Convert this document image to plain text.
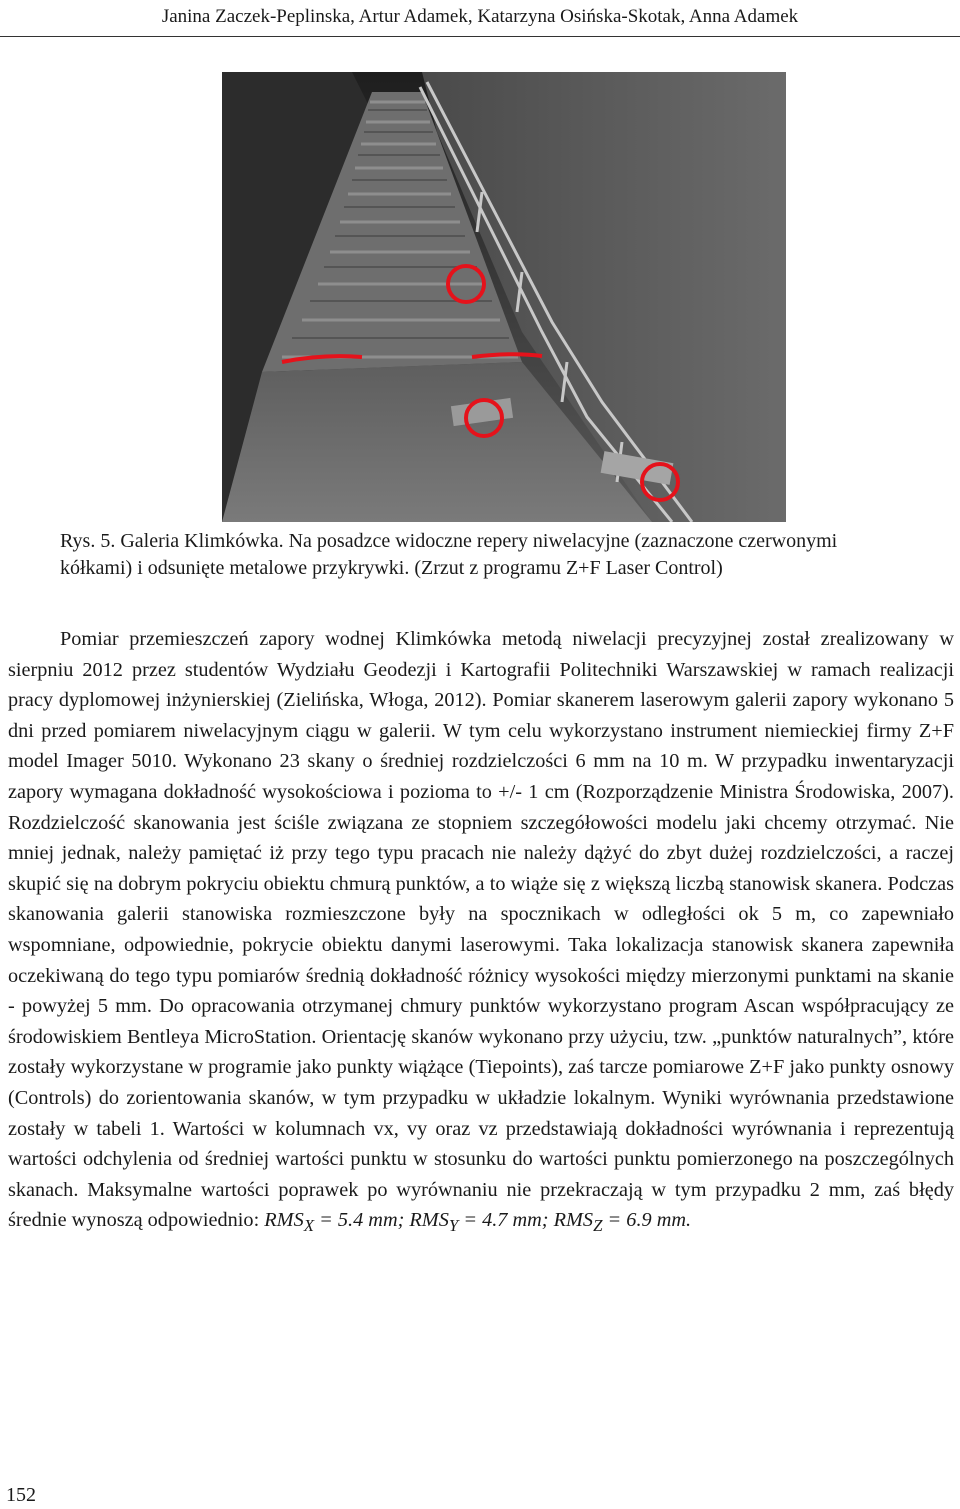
Janina Zaczek-Peplinska, Artur Adamek, Katarzyna Osińska-Skotak, Anna Adamek

Rys. 5. Galeria Klimkówka. Na posadzce widoczne repery niwelacyjne (zaznaczone czerwonymi

kółkami) i odsunięte metalowe przykrywki. (Zrzut z programu Z+F Laser Control)

Pomiar przemieszczeń zapory wodnej Klimkówka metodą niwelacji precyzyjnej został zrealizowany w sierpniu 2012 przez studentów Wydziału Geodezji i Kartografii Politechniki Warszawskiej w ramach realizacji pracy dyplomowej inżynierskiej (Zielińska, Włoga, 2012). Pomiar skanerem laserowym galerii zapory wykonano 5 dni przed pomiarem niwelacyjnym ciągu w galerii. W tym celu wykorzystano instrument niemieckiej firmy Z+F model Imager 5010. Wykonano 23 skany o średniej rozdzielczości 6 mm na 10 m. W przypadku inwentaryzacji zapory wymagana dokładność wysokościowa i pozioma to +/- 1 cm (Rozporządzenie Ministra Środowiska, 2007). Rozdzielczość skanowania jest ściśle związana ze stopniem szczegółowości modelu jaki chcemy otrzymać. Nie mniej jednak, należy pamiętać iż przy tego typu pracach nie należy dążyć do zbyt dużej rozdzielczości, a raczej skupić się na dobrym pokryciu obiektu chmurą punktów, a to wiąże się z większą liczbą stanowisk skanera. Podczas skanowania galerii stanowiska rozmieszczone były na spocznikach w odległości ok 5 m, co zapewniało wspomniane, odpowiednie, pokrycie obiektu danymi laserowymi. Taka lokalizacja stanowisk skanera zapewniła oczekiwaną do tego typu pomiarów średnią dokładność różnicy wysokości między mierzonymi punktami na skanie - powyżej 5 mm. Do opracowania otrzymanej chmury punktów wykorzystano program Ascan współpracujący ze środowiskiem Bentleya MicroStation. Orientację skanów wykonano przy użyciu, tzw. „punktów naturalnych”, które zostały wykorzystane w programie jako punkty wiążące (Tiepoints), zaś tarcze pomiarowe Z+F jako punkty osnowy (Controls) do zorientowania skanów, w tym przypadku w układzie lokalnym. Wyniki wyrównania przedstawione zostały w tabeli 1. Wartości w kolumnach vx, vy oraz vz przedstawiają dokładności wyrównania i reprezentują wartości odchylenia od średniej wartości punktu w stosunku do wartości punktu pomierzonego na poszczególnych skanach. Maksymalne wartości poprawek po wyrównaniu nie przekraczają w tym przypadku 2 mm, zaś błędy średnie wynoszą odpowiednio: $RMS_X = 5.4$ mm; $RMS_Y = 4.7$ mm; $RMS_Z = 6.9$ mm.

152
